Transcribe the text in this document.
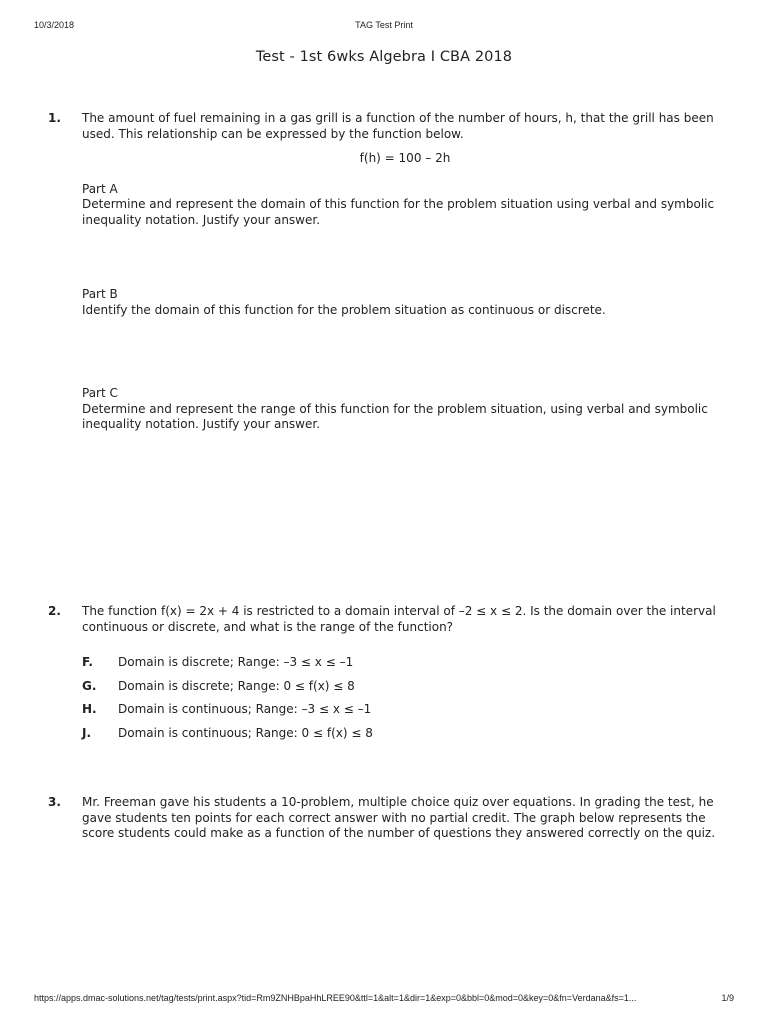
10/3/2018	TAG Test Print
Test - 1st 6wks Algebra I CBA 2018
1. The amount of fuel remaining in a gas grill is a function of the number of hours, h, that the grill has been used. This relationship can be expressed by the function below.
f(h) = 100 – 2h
Part A
Determine and represent the domain of this function for the problem situation using verbal and symbolic inequality notation. Justify your answer.
Part B
Identify the domain of this function for the problem situation as continuous or discrete.
Part C
Determine and represent the range of this function for the problem situation, using verbal and symbolic inequality notation. Justify your answer.
2. The function f(x) = 2x + 4 is restricted to a domain interval of –2 ≤ x ≤ 2. Is the domain over the interval continuous or discrete, and what is the range of the function?
F. Domain is discrete; Range: –3 ≤ x ≤ –1
G. Domain is discrete; Range: 0 ≤ f(x) ≤ 8
H. Domain is continuous; Range: –3 ≤ x ≤ –1
J. Domain is continuous; Range: 0 ≤ f(x) ≤ 8
3. Mr. Freeman gave his students a 10-problem, multiple choice quiz over equations. In grading the test, he gave students ten points for each correct answer with no partial credit. The graph below represents the score students could make as a function of the number of questions they answered correctly on the quiz.
https://apps.dmac-solutions.net/tag/tests/print.aspx?tid=Rm9ZNHBpaHhLREE90&ttl=1&alt=1&dir=1&exp=0&bbl=0&mod=0&key=0&fn=Verdana&fs=1...	1/9
